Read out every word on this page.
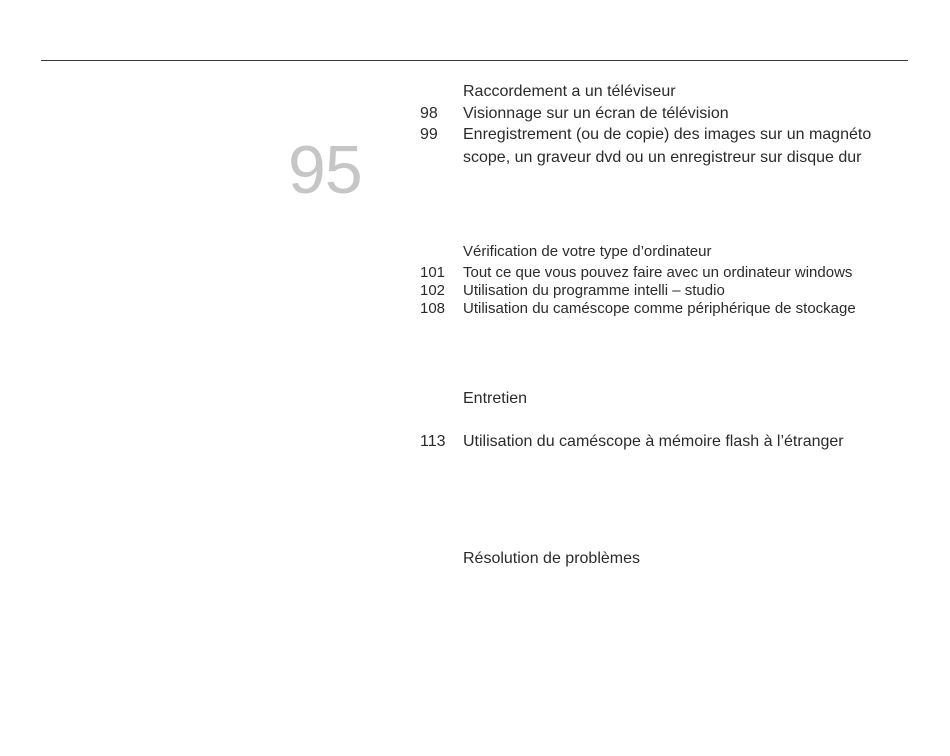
95
Raccordement a un téléviseur
98 Visionnage sur un écran de télévision
99 Enregistrement (ou de copie) des images sur un magnéto
scope, un graveur dvd ou un enregistreur sur disque dur
Vérification de votre type d’ordinateur
101 Tout ce que vous pouvez faire avec un ordinateur windows
102 Utilisation du programme intelli – studio
108 Utilisation du caméscope comme périphérique de stockage
Entretien
113 Utilisation du caméscope à mémoire flash à l’étranger
Résolution de problèmes
